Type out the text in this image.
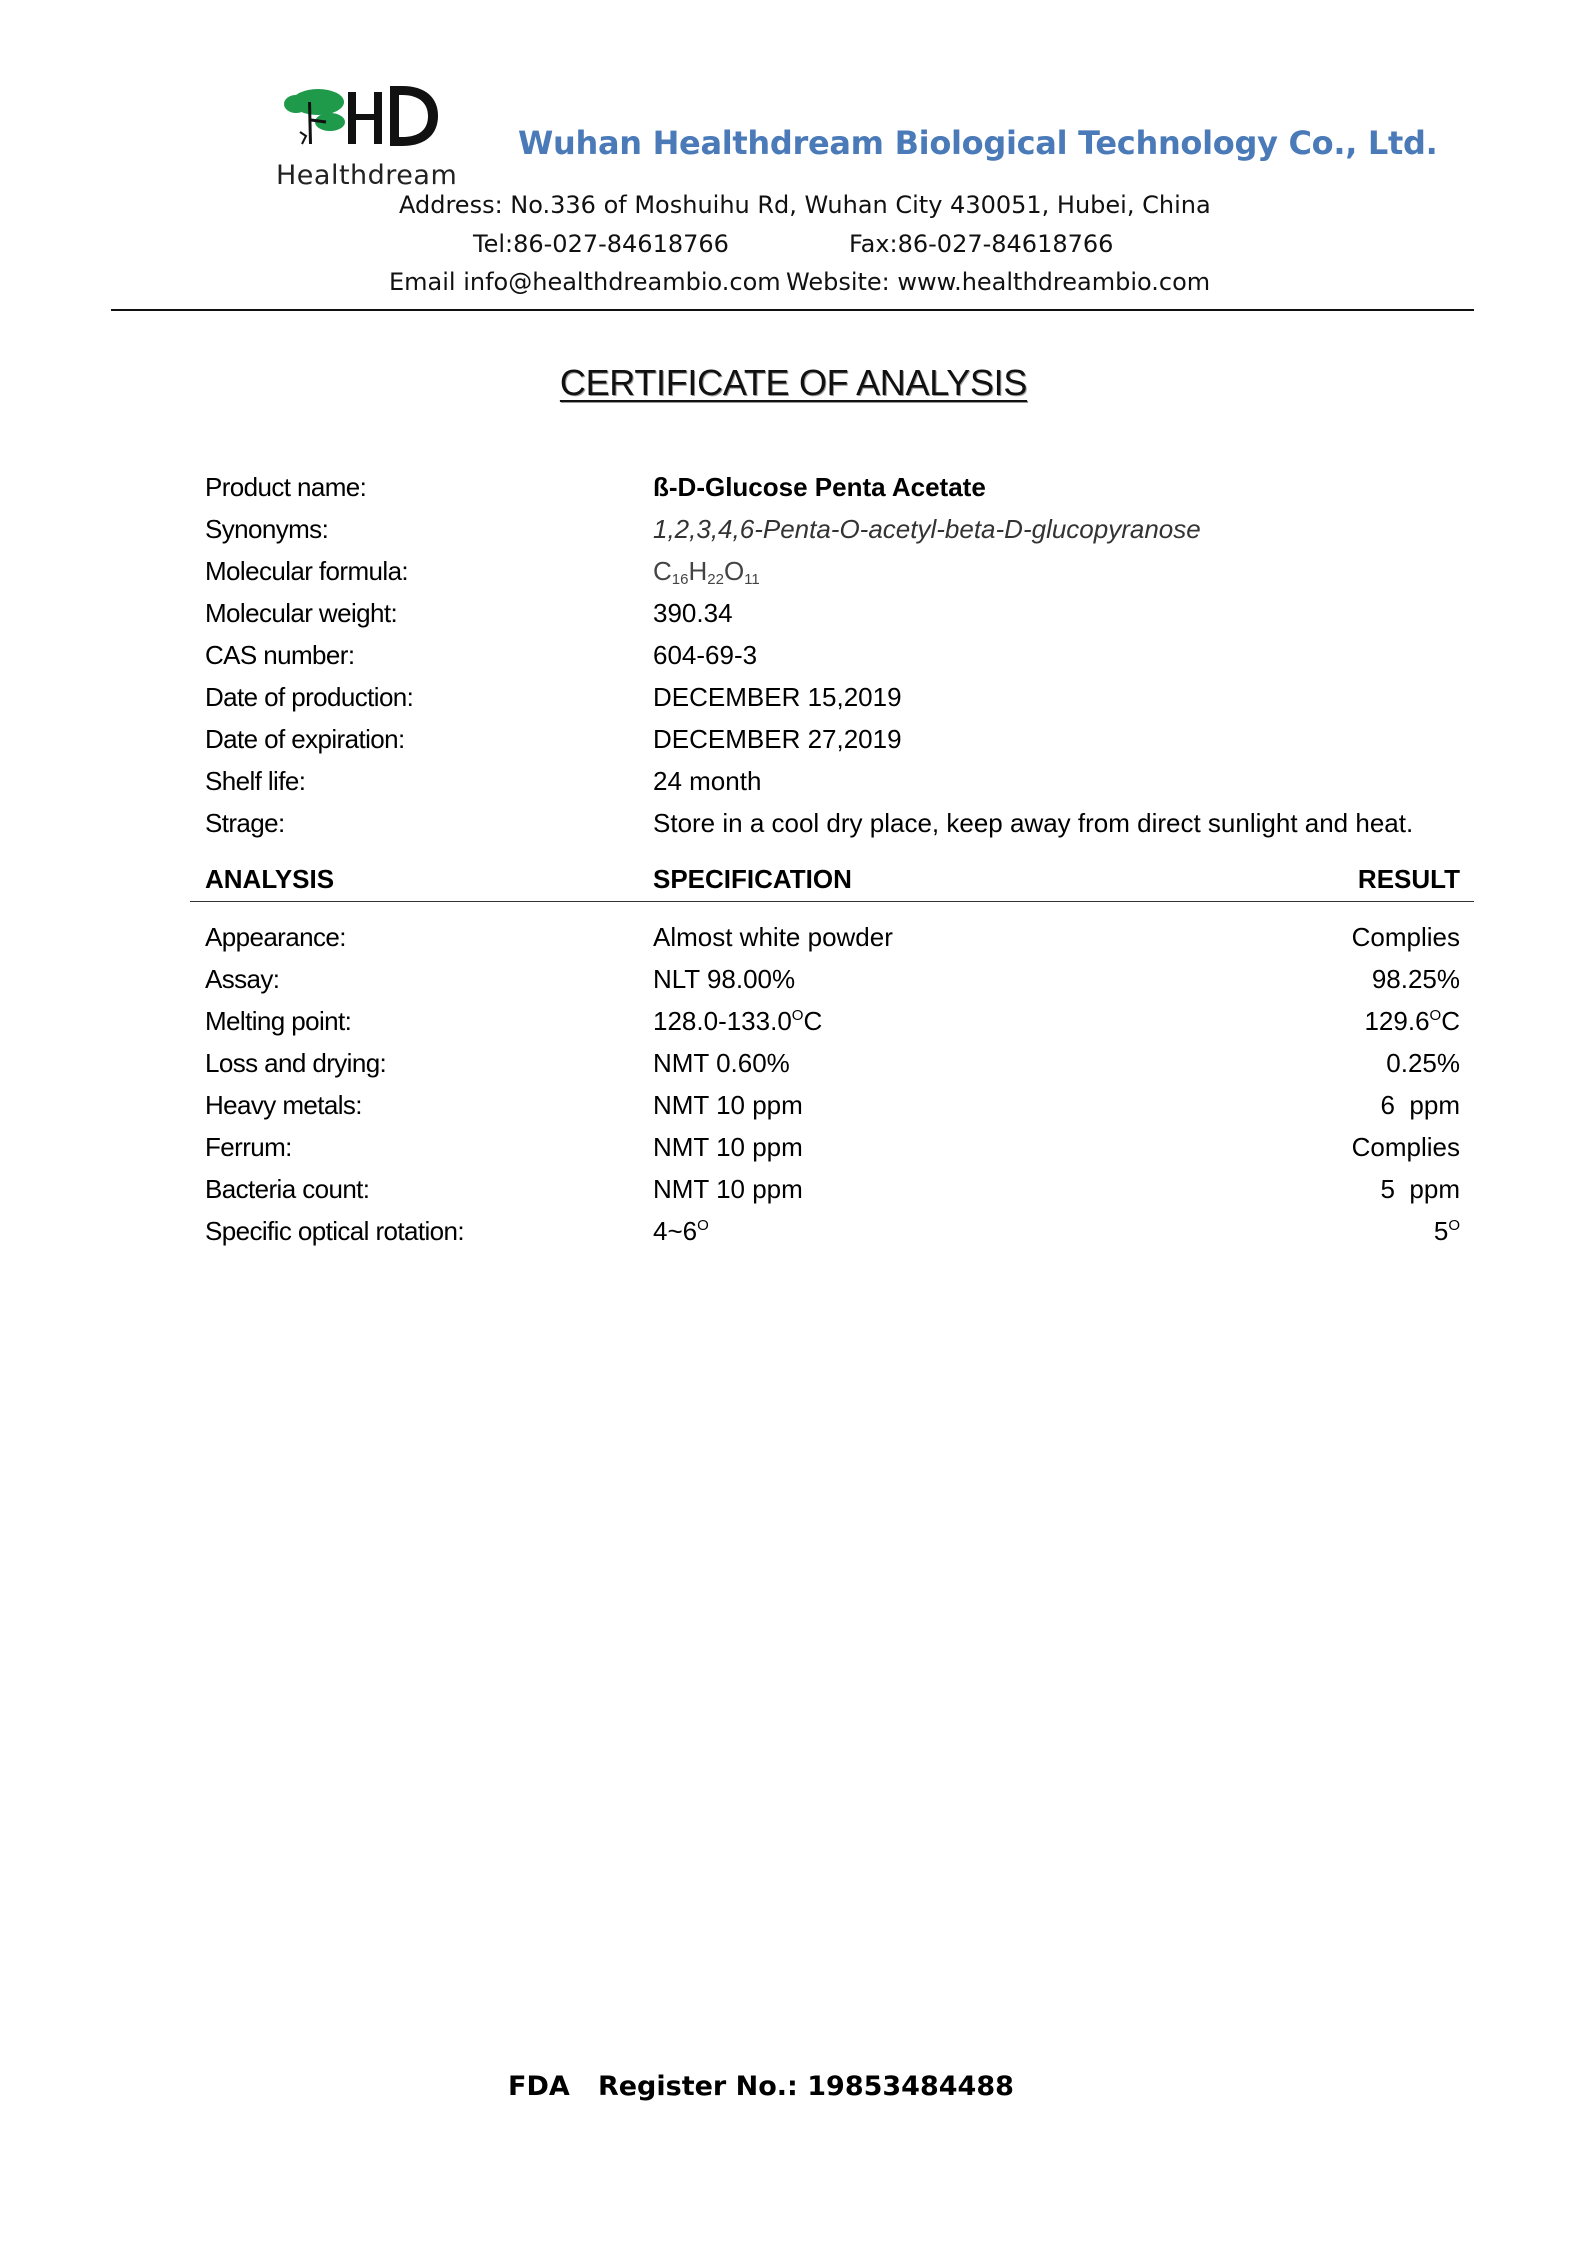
Healthdream
Wuhan Healthdream Biological Technology Co., Ltd.
Address: No.336 of Moshuihu Rd, Wuhan City 430051, Hubei, China
Tel:86-027-84618766	Fax:86-027-84618766
Email info@healthdreambio.com Website: www.healthdreambio.com
CERTIFICATE OF ANALYSIS
Product name:	ß-D-Glucose Penta Acetate
Synonyms:	1,2,3,4,6-Penta-O-acetyl-beta-D-glucopyranose
Molecular formula:	$C_{16}H_{22}O_{11}$
Molecular weight:	390.34
CAS number:	604-69-3
Date of production:	DECEMBER 15,2019
Date of expiration:	DECEMBER 27,2019
Shelf life:	24 month
Strage:	Store in a cool dry place, keep away from direct sunlight and heat.
ANALYSIS	SPECIFICATION	RESULT
Appearance:	Almost white powder	Complies
Assay:	NLT 98.00%	98.25%
Melting point:	$128.0-133.0^OC$	$129.6^OC$
Loss and drying:	NMT 0.60%	0.25%
Heavy metals:	NMT 10 ppm	6  ppm
Ferrum:	NMT 10 ppm	Complies
Bacteria count:	NMT 10 ppm	5  ppm
Specific optical rotation:	$4\sim 6^O$	$5^O$
FDA   Register No.: 19853484488
